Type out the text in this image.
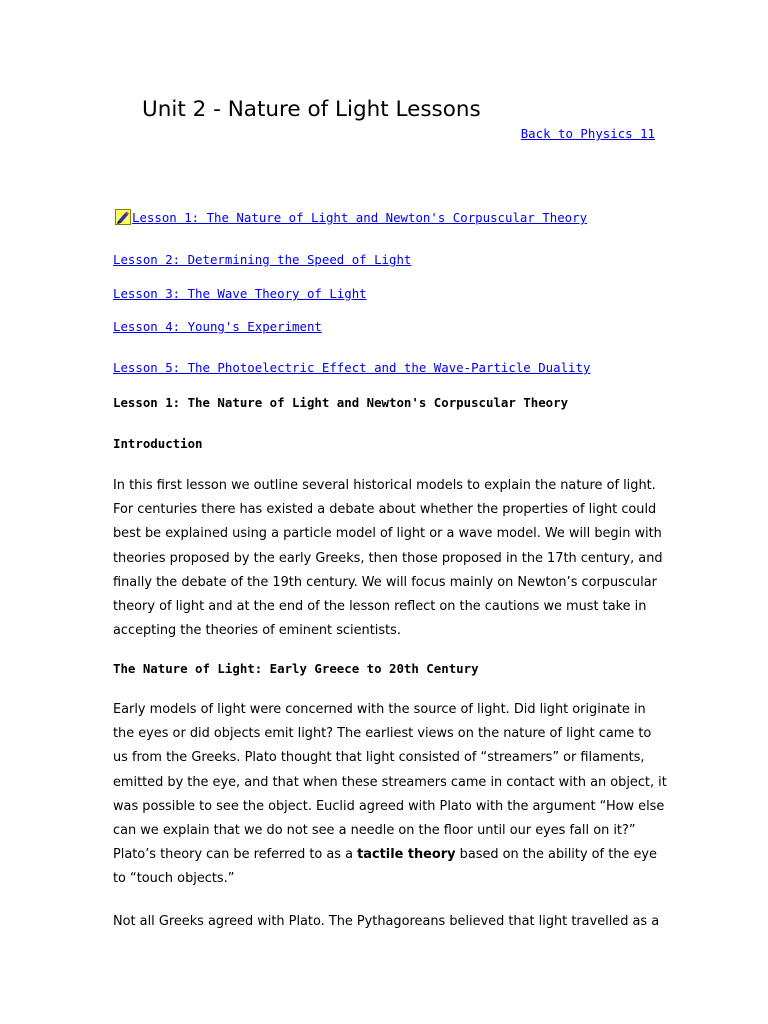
Unit 2 - Nature of Light Lessons
Back to Physics 11
Lesson 1: The Nature of Light and Newton's Corpuscular Theory
Lesson 2: Determining the Speed of Light
Lesson 3: The Wave Theory of Light
Lesson 4: Young's Experiment
Lesson 5: The Photoelectric Effect and the Wave-Particle Duality
Lesson 1: The Nature of Light and Newton's Corpuscular Theory
Introduction
In this first lesson we outline several historical models to explain the nature of light.
For centuries there has existed a debate about whether the properties of light could
best be explained using a particle model of light or a wave model. We will begin with
theories proposed by the early Greeks, then those proposed in the 17th century, and
finally the debate of the 19th century. We will focus mainly on Newton’s corpuscular
theory of light and at the end of the lesson reflect on the cautions we must take in
accepting the theories of eminent scientists.
The Nature of Light: Early Greece to 20th Century
Early models of light were concerned with the source of light. Did light originate in
the eyes or did objects emit light? The earliest views on the nature of light came to
us from the Greeks. Plato thought that light consisted of “streamers” or filaments,
emitted by the eye, and that when these streamers came in contact with an object, it
was possible to see the object. Euclid agreed with Plato with the argument “How else
can we explain that we do not see a needle on the floor until our eyes fall on it?”
Plato’s theory can be referred to as a tactile theory based on the ability of the eye
to “touch objects.”
Not all Greeks agreed with Plato. The Pythagoreans believed that light travelled as a
